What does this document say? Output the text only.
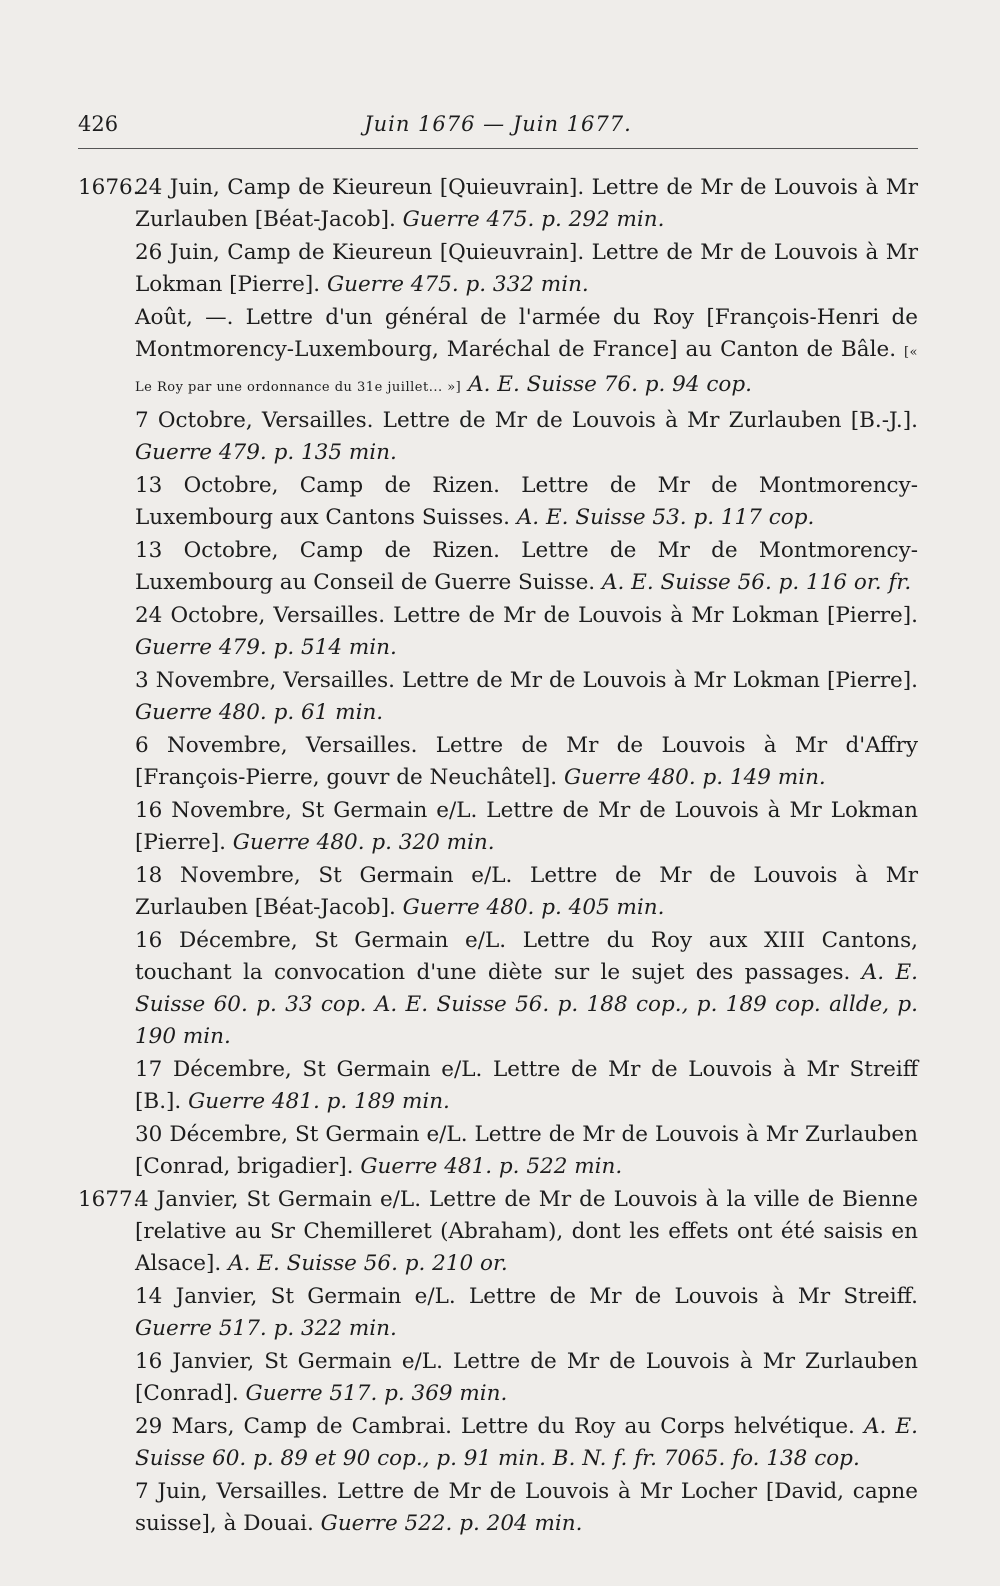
426	Juin 1676 — Juin 1677.
1676.
24 Juin, Camp de Kieureun [Quieuvrain]. Lettre de Mr de Louvois à Mr Zurlauben [Béat-Jacob]. Guerre 475. p. 292 min.
26 Juin, Camp de Kieureun [Quieuvrain]. Lettre de Mr de Louvois à Mr Lokman [Pierre]. Guerre 475. p. 332 min.
Août, —. Lettre d'un général de l'armée du Roy [François-Henri de Montmorency-Luxembourg, Maréchal de France] au Canton de Bâle. [« Le Roy par une ordonnance du 31e juillet... »] A. E. Suisse 76. p. 94 cop.
7 Octobre, Versailles. Lettre de Mr de Louvois à Mr Zurlauben [B.-J.]. Guerre 479. p. 135 min.
13 Octobre, Camp de Rizen. Lettre de Mr de Montmorency-Luxembourg aux Cantons Suisses. A. E. Suisse 53. p. 117 cop.
13 Octobre, Camp de Rizen. Lettre de Mr de Montmorency-Luxembourg au Conseil de Guerre Suisse. A. E. Suisse 56. p. 116 or. fr.
24 Octobre, Versailles. Lettre de Mr de Louvois à Mr Lokman [Pierre]. Guerre 479. p. 514 min.
3 Novembre, Versailles. Lettre de Mr de Louvois à Mr Lokman [Pierre]. Guerre 480. p. 61 min.
6 Novembre, Versailles. Lettre de Mr de Louvois à Mr d'Affry [François-Pierre, gouvr de Neuchâtel]. Guerre 480. p. 149 min.
16 Novembre, St Germain e/L. Lettre de Mr de Louvois à Mr Lokman [Pierre]. Guerre 480. p. 320 min.
18 Novembre, St Germain e/L. Lettre de Mr de Louvois à Mr Zurlauben [Béat-Jacob]. Guerre 480. p. 405 min.
16 Décembre, St Germain e/L. Lettre du Roy aux XIII Cantons, touchant la convocation d'une diète sur le sujet des passages. A. E. Suisse 60. p. 33 cop. A. E. Suisse 56. p. 188 cop., p. 189 cop. allde, p. 190 min.
17 Décembre, St Germain e/L. Lettre de Mr de Louvois à Mr Streiff [B.]. Guerre 481. p. 189 min.
30 Décembre, St Germain e/L. Lettre de Mr de Louvois à Mr Zurlauben [Conrad, brigadier]. Guerre 481. p. 522 min.
1677.
4 Janvier, St Germain e/L. Lettre de Mr de Louvois à la ville de Bienne [relative au Sr Chemilleret (Abraham), dont les effets ont été saisis en Alsace]. A. E. Suisse 56. p. 210 or.
14 Janvier, St Germain e/L. Lettre de Mr de Louvois à Mr Streiff. Guerre 517. p. 322 min.
16 Janvier, St Germain e/L. Lettre de Mr de Louvois à Mr Zurlauben [Conrad]. Guerre 517. p. 369 min.
29 Mars, Camp de Cambrai. Lettre du Roy au Corps helvétique. A. E. Suisse 60. p. 89 et 90 cop., p. 91 min. B. N. f. fr. 7065. fo. 138 cop.
7 Juin, Versailles. Lettre de Mr de Louvois à Mr Locher [David, capne suisse], à Douai. Guerre 522. p. 204 min.
